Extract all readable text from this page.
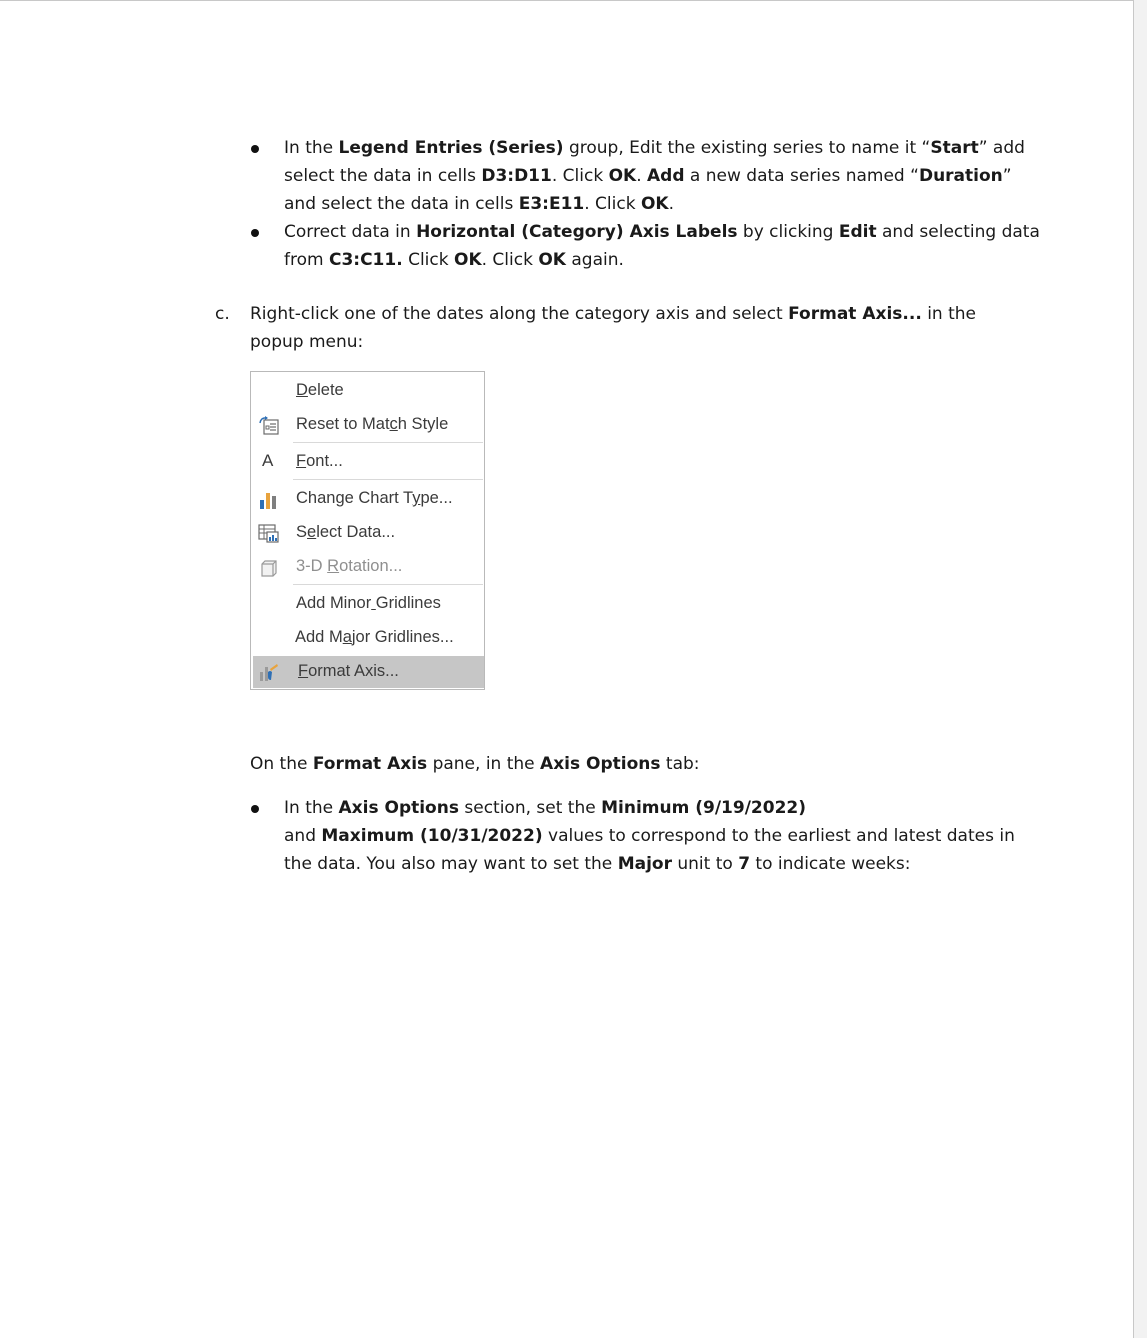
In the Legend Entries (Series) group, Edit the existing series to name it “Start” add
select the data in cells D3:D11. Click OK. Add a new data series named “Duration”
and select the data in cells E3:E11. Click OK.
Correct data in Horizontal (Category) Axis Labels by clicking Edit and selecting data
from C3:C11. Click OK. Click OK again.
c. Right-click one of the dates along the category axis and select Format Axis... in the
popup menu:
Delete
Reset to Match Style
A	Font...
Change Chart Type...
Select Data...
3-D Rotation...
Add Minor Gridlines
Add Major Gridlines...
Format Axis...
On the Format Axis pane, in the Axis Options tab:
In the Axis Options section, set the Minimum (9/19/2022)
and Maximum (10/31/2022) values to correspond to the earliest and latest dates in
the data. You also may want to set the Major unit to 7 to indicate weeks:
